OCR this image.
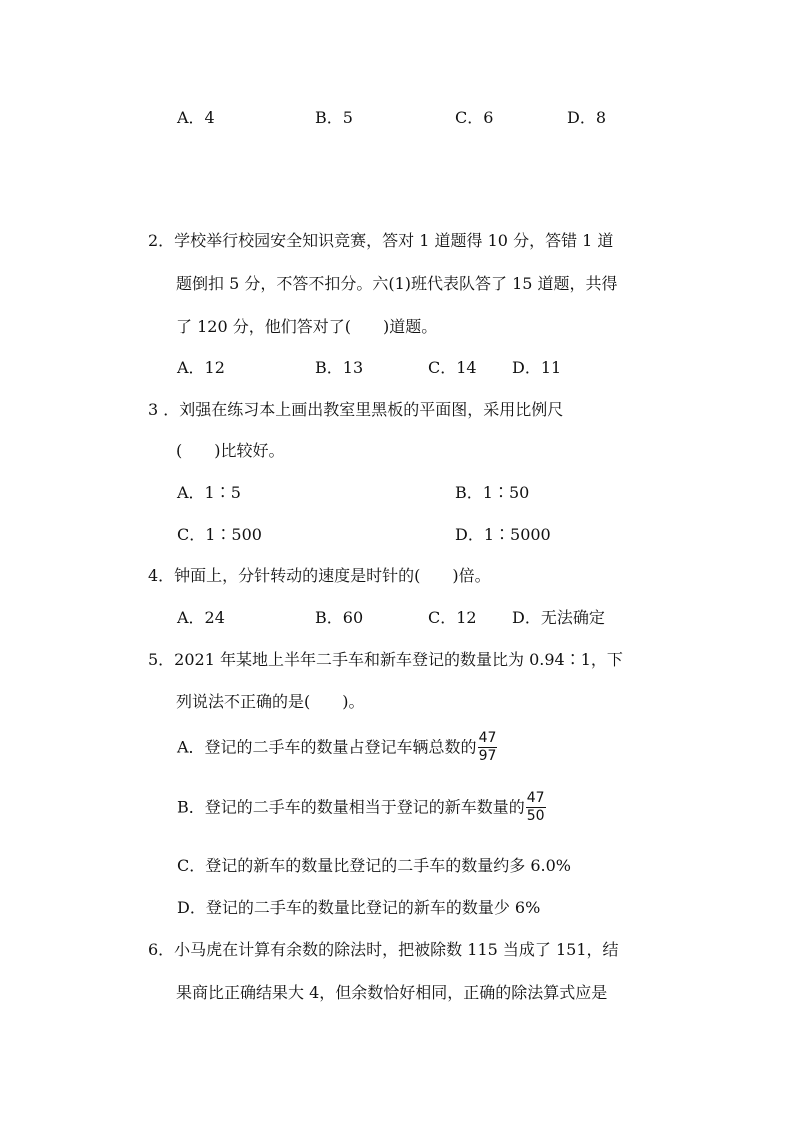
A．4	B．5	C．6	D．8
2．学校举行校园安全知识竞赛，答对 1 道题得 10 分，答错 1 道
题倒扣 5 分，不答不扣分。六(1)班代表队答了 15 道题，共得
了 120 分，他们答对了(　　)道题。
A．12	B．13	C．14 D．11
3 ．刘强在练习本上画出教室里黑板的平面图，采用比例尺
(　　)比较好。
A．1∶5	B．1∶50
C．1∶500	D．1∶5000
4．钟面上，分针转动的速度是时针的(　　)倍。
A．24	B．60	C．12 D．无法确定
5．2021 年某地上半年二手车和新车登记的数量比为 0.94∶1，下
列说法不正确的是(　　)。
A．登记的二手车的数量占登记车辆总数的 $\frac{47}{97}$
B．登记的二手车的数量相当于登记的新车数量的 $\frac{47}{50}$
C．登记的新车的数量比登记的二手车的数量约多 6.0%
D．登记的二手车的数量比登记的新车的数量少 6%
6．小马虎在计算有余数的除法时，把被除数 115 当成了 151，结
果商比正确结果大 4，但余数恰好相同，正确的除法算式应是
